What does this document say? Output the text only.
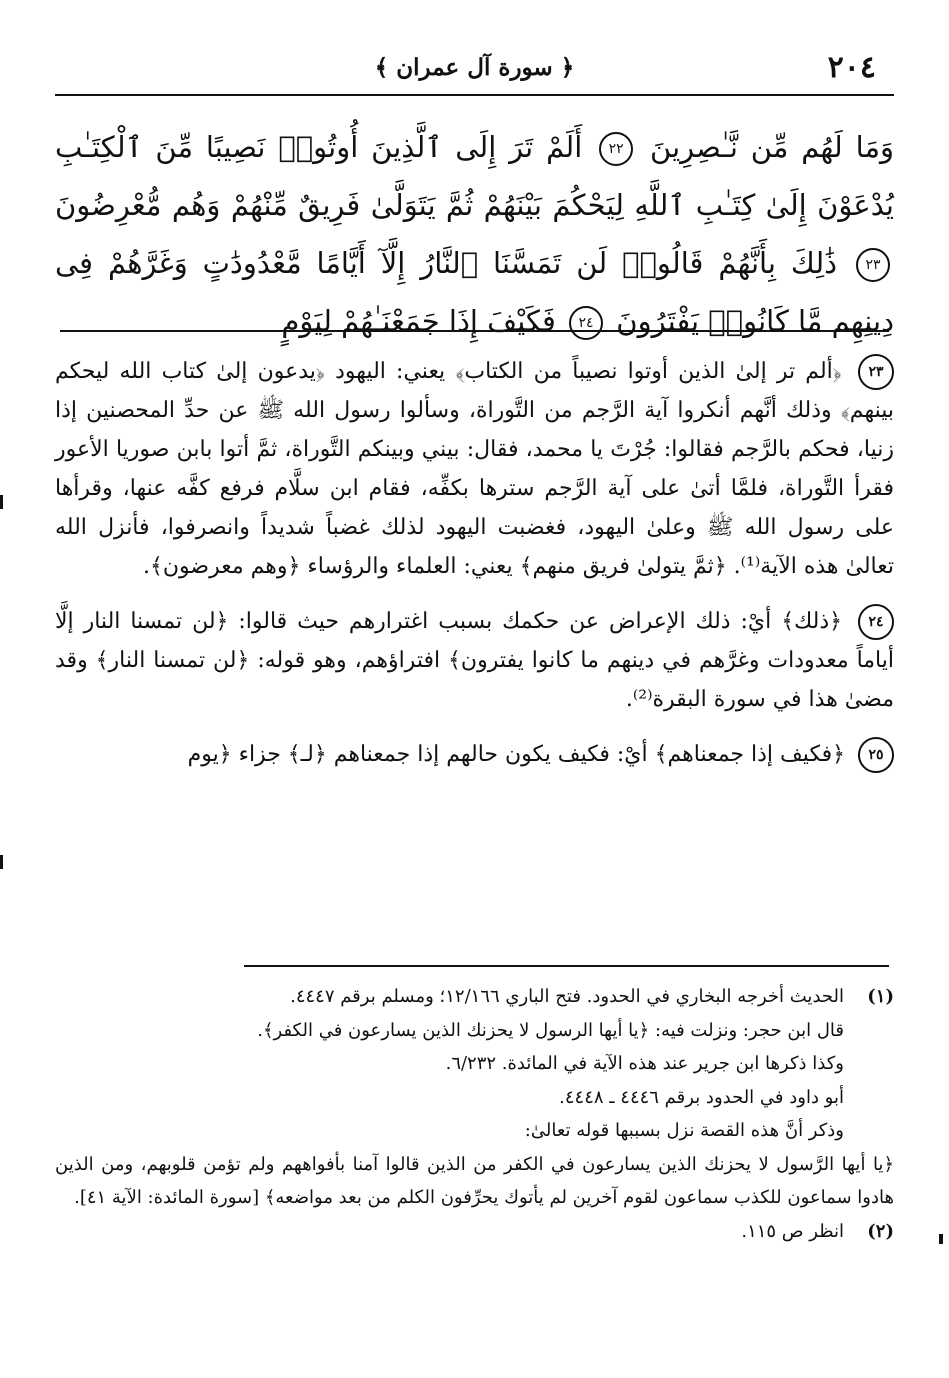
٢٠٤
﴿ سورة آل عمران ﴾
وَمَا لَهُم مِّن نَّـٰصِرِينَ ٢٢ أَلَمْ تَرَ إِلَى ٱلَّذِينَ أُوتُوا۟ نَصِيبًا مِّنَ ٱلْكِتَـٰبِ يُدْعَوْنَ إِلَىٰ كِتَـٰبِ ٱللَّهِ لِيَحْكُمَ بَيْنَهُمْ ثُمَّ يَتَوَلَّىٰ فَرِيقٌ مِّنْهُمْ وَهُم مُّعْرِضُونَ ٢٣ ذَٰلِكَ بِأَنَّهُمْ قَالُوا۟ لَن تَمَسَّنَا ٱلنَّارُ إِلَّآ أَيَّامًا مَّعْدُودَٰتٍ وَغَرَّهُمْ فِى دِينِهِم مَّا كَانُوا۟ يَفْتَرُونَ ٢٤ فَكَيْفَ إِذَا جَمَعْنَـٰهُمْ لِيَوْمٍ
٢٣ ﴿ألم تر إلىٰ الذين أوتوا نصيباً من الكتاب﴾ يعني: اليهود ﴿يدعون إلىٰ كتاب الله ليحكم بينهم﴾ وذلك أنَّهم أنكروا آية الرَّجم من التَّوراة، وسألوا رسول الله ﷺ عن حدِّ المحصنين إذا زنيا، فحكم بالرَّجم فقالوا: جُرْتَ يا محمد، فقال: بيني وبينكم التَّوراة، ثمَّ أتوا بابن صوريا الأعور فقرأ التَّوراة، فلمَّا أتىٰ على آية الرَّجم سترها بكفِّه، فقام ابن سلَّام فرفع كفَّه عنها، وقرأها على رسول الله ﷺ وعلىٰ اليهود، فغضبت اليهود لذلك غضباً شديداً وانصرفوا، فأنزل الله تعالىٰ هذه الآية⁽¹⁾. ﴿ثمَّ يتولىٰ فريق منهم﴾ يعني: العلماء والرؤساء ﴿وهم معرضون﴾.
٢٤ ﴿ذلك﴾ أيْ: ذلك الإعراض عن حكمك بسبب اغترارهم حيث قالوا: ﴿لن تمسنا النار إلَّا أياماً معدودات وغرَّهم في دينهم ما كانوا يفترون﴾ افتراؤهم، وهو قوله: ﴿لن تمسنا النار﴾ وقد مضىٰ هذا في سورة البقرة⁽²⁾.
٢٥ ﴿فكيف إذا جمعناهم﴾ أيْ: فكيف يكون حالهم إذا جمعناهم ﴿لـ﴾ جزاء ﴿يوم
(١)الحديث أخرجه البخاري في الحدود. فتح الباري ١٢/١٦٦؛ ومسلم برقم ٤٤٤٧.
قال ابن حجر: ونزلت فيه: ﴿يا أيها الرسول لا يحزنك الذين يسارعون في الكفر﴾.
وكذا ذكرها ابن جرير عند هذه الآية في المائدة. ٦/٢٣٢.
أبو داود في الحدود برقم ٤٤٤٦ ـ ٤٤٤٨.
وذكر أنَّ هذه القصة نزل بسببها قوله تعالىٰ:
﴿يا أيها الرَّسول لا يحزنك الذين يسارعون في الكفر من الذين قالوا آمنا بأفواههم ولم تؤمن قلوبهم، ومن الذين هادوا سماعون للكذب سماعون لقوم آخرين لم يأتوك يحرِّفون الكلم من بعد مواضعه﴾ [سورة المائدة: الآية ٤١].
(٢)انظر ص ١١٥.
